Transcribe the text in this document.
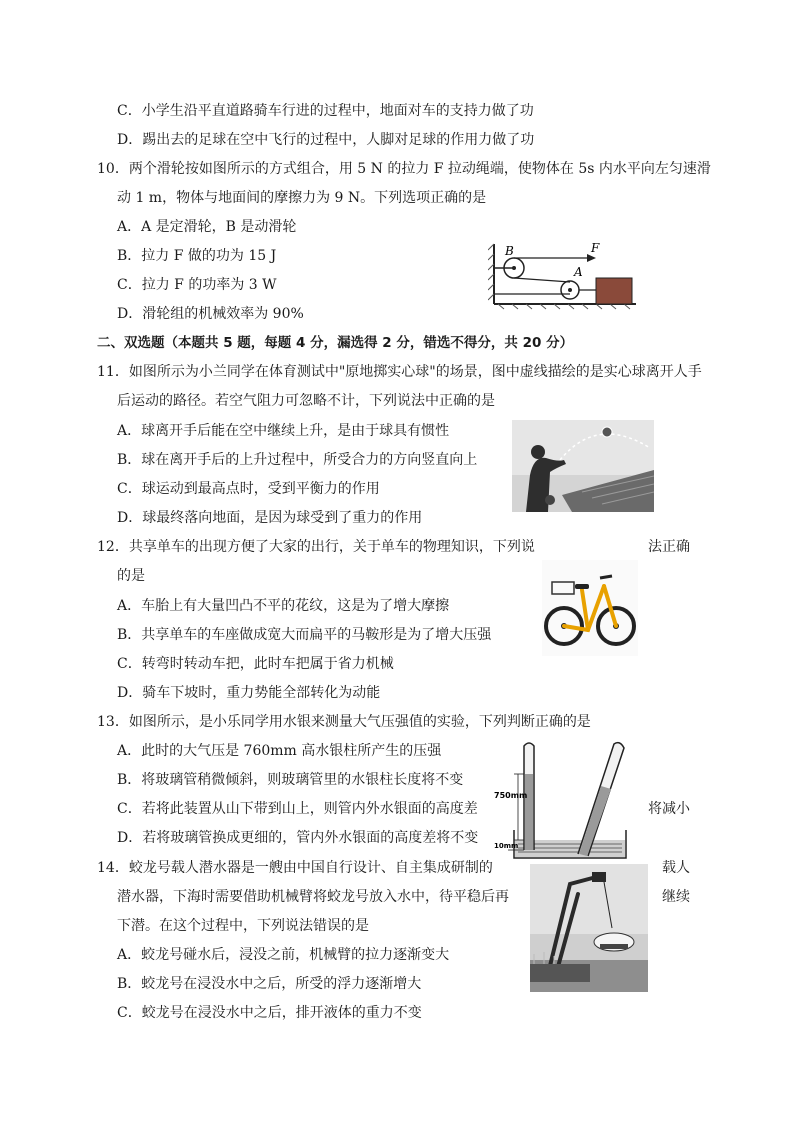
C．小学生沿平直道路骑车行进的过程中，地面对车的支持力做了功
D．踢出去的足球在空中飞行的过程中，人脚对足球的作用力做了功
10．两个滑轮按如图所示的方式组合，用 5 N 的拉力 F 拉动绳端，使物体在 5s 内水平向左匀速滑
动 1 m，物体与地面间的摩擦力为 9 N。下列选项正确的是
A．A 是定滑轮，B 是动滑轮
B．拉力 F 做的功为 15 J
C．拉力 F 的功率为 3 W
D．滑轮组的机械效率为 90%
B	F
A
二、双选题（本题共 5 题，每题 4 分，漏选得 2 分，错选不得分，共 20 分）
11．如图所示为小兰同学在体育测试中"原地掷实心球"的场景，图中虚线描绘的是实心球离开人手
后运动的路径。若空气阻力可忽略不计，下列说法中正确的是
A．球离开手后能在空中继续上升，是由于球具有惯性
B．球在离开手后的上升过程中，所受合力的方向竖直向上
C．球运动到最高点时，受到平衡力的作用
D．球最终落向地面，是因为球受到了重力的作用
12．共享单车的出现方便了大家的出行，关于单车的物理知识，下列说	法正确
的是
A．车胎上有大量凹凸不平的花纹，这是为了增大摩擦
B．共享单车的车座做成宽大而扁平的马鞍形是为了增大压强
C．转弯时转动车把，此时车把属于省力机械
D．骑车下坡时，重力势能全部转化为动能
13．如图所示，是小乐同学用水银来测量大气压强值的实验，下列判断正确的是
A．此时的大气压是 760mm 高水银柱所产生的压强
B．将玻璃管稍微倾斜，则玻璃管里的水银柱长度将不变
C．若将此装置从山下带到山上，则管内外水银面的高度差	将减小
D．若将玻璃管换成更细的，管内外水银面的高度差将不变
750mm
10mm
14．蛟龙号载人潜水器是一艘由中国自行设计、自主集成研制的	载人
潜水器，下海时需要借助机械臂将蛟龙号放入水中，待平稳后再	继续
下潜。在这个过程中，下列说法错误的是
A．蛟龙号碰水后，浸没之前，机械臂的拉力逐渐变大
B．蛟龙号在浸没水中之后，所受的浮力逐渐增大
C．蛟龙号在浸没水中之后，排开液体的重力不变
